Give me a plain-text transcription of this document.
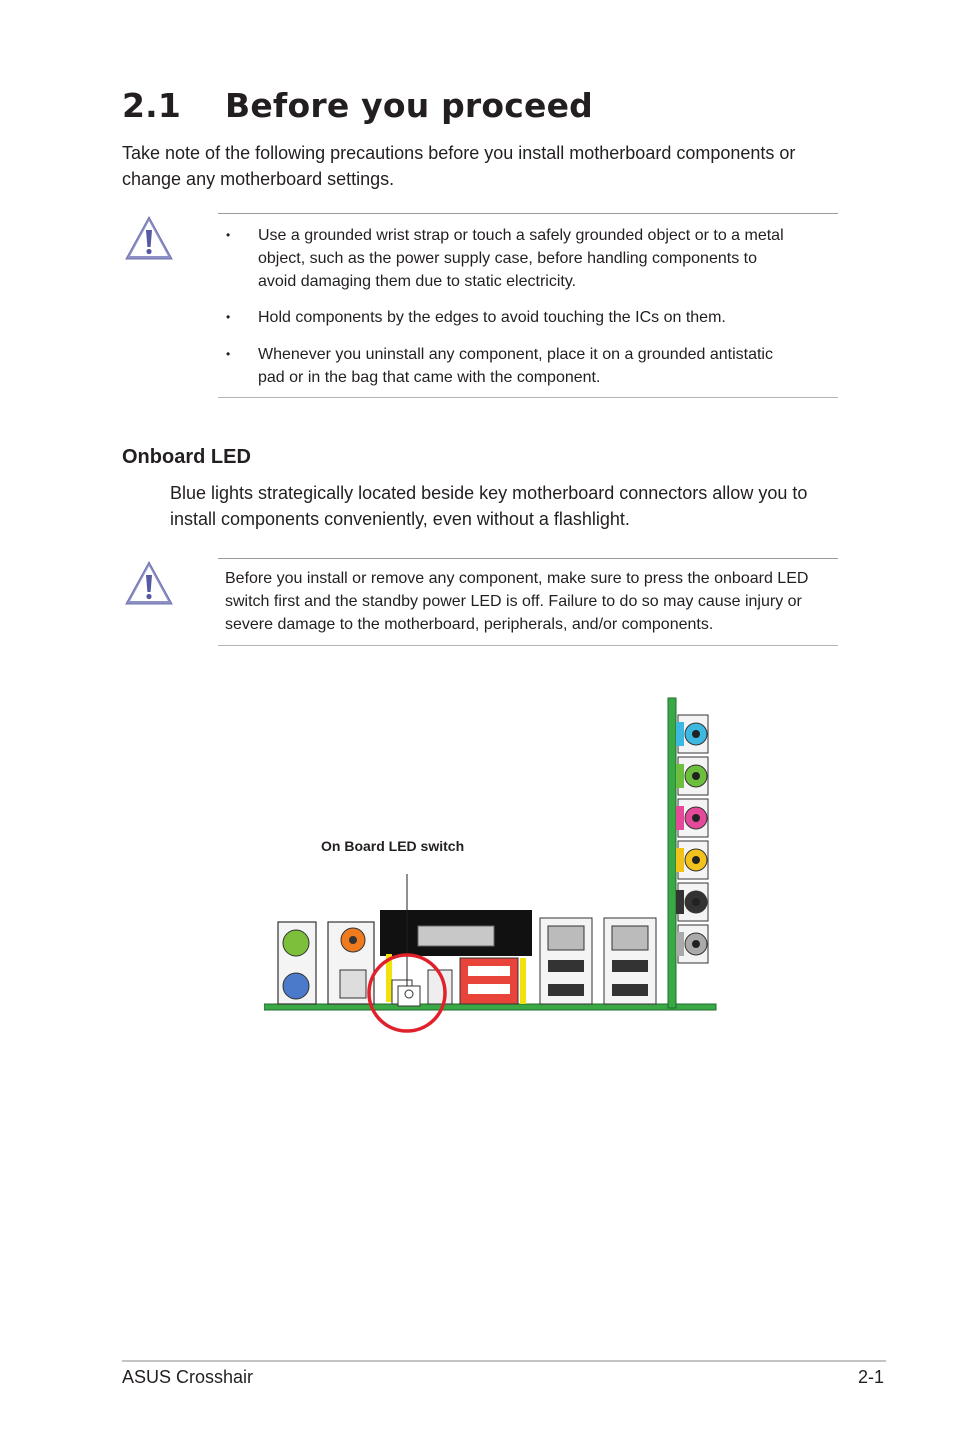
2.1 Before you proceed

Take note of the following precautions before you install motherboard components or change any motherboard settings.

• Use a grounded wrist strap or touch a safely grounded object or to a metal object, such as the power supply case, before handling components to avoid damaging them due to static electricity.
• Hold components by the edges to avoid touching the ICs on them.
• Whenever you uninstall any component, place it on a grounded antistatic pad or in the bag that came with the component.
Onboard LED

Blue lights strategically located beside key motherboard connectors allow you to install components conveniently, even without a flashlight.

Before you install or remove any component, make sure to press the onboard LED switch first and the standby power LED is off. Failure to do so may cause injury or severe damage to the motherboard, peripherals, and/or components.

On Board LED switch
ASUS Crosshair	2-1
